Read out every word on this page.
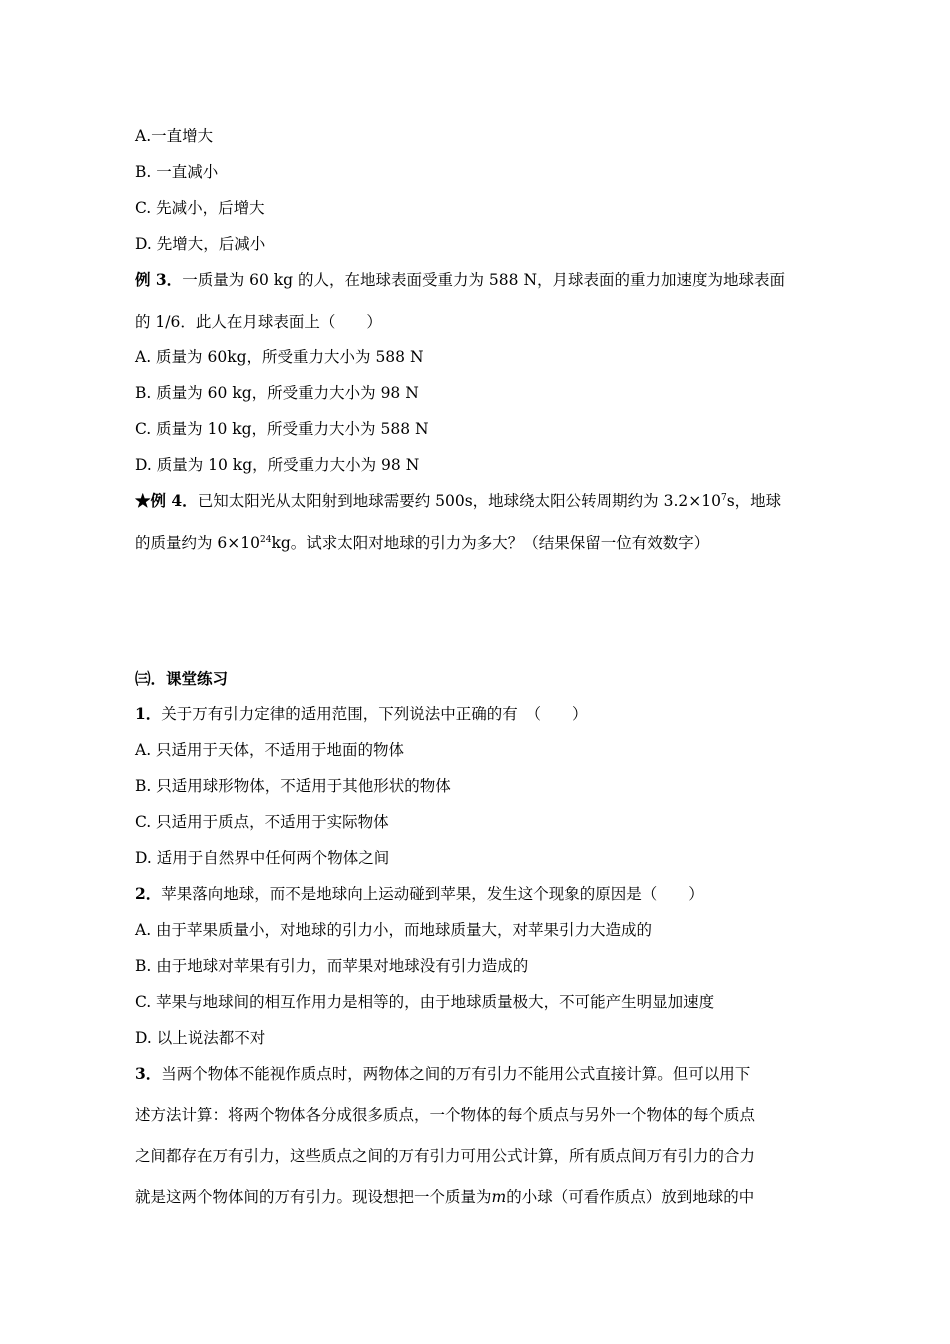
A.一直增大
B. 一直减小
C. 先减小，后增大
D. 先增大，后减小
例 3．一质量为 60 kg 的人，在地球表面受重力为 588 N，月球表面的重力加速度为地球表面
的 1/6．此人在月球表面上（　　）
A. 质量为 60kg，所受重力大小为 588 N
B. 质量为 60 kg，所受重力大小为 98 N
C. 质量为 10 kg，所受重力大小为 588 N
D. 质量为 10 kg，所受重力大小为 98 N
★例 4．已知太阳光从太阳射到地球需要约 500s，地球绕太阳公转周期约为 $3.2\times 10^7s$，地球
的质量约为 $6\times 10^{24}kg$。试求太阳对地球的引力为多大？（结果保留一位有效数字）
㈢．课堂练习
1．关于万有引力定律的适用范围，下列说法中正确的有　（　　）
A. 只适用于天体，不适用于地面的物体
B. 只适用球形物体，不适用于其他形状的物体
C. 只适用于质点，不适用于实际物体
D. 适用于自然界中任何两个物体之间
2．苹果落向地球，而不是地球向上运动碰到苹果，发生这个现象的原因是（　　）
A. 由于苹果质量小，对地球的引力小，而地球质量大，对苹果引力大造成的
B. 由于地球对苹果有引力，而苹果对地球没有引力造成的
C. 苹果与地球间的相互作用力是相等的，由于地球质量极大，不可能产生明显加速度
D. 以上说法都不对
3．当两个物体不能视作质点时，两物体之间的万有引力不能用公式直接计算。但可以用下
述方法计算：将两个物体各分成很多质点，一个物体的每个质点与另外一个物体的每个质点
之间都存在万有引力，这些质点之间的万有引力可用公式计算，所有质点间万有引力的合力
就是这两个物体间的万有引力。现设想把一个质量为m的小球（可看作质点）放到地球的中
